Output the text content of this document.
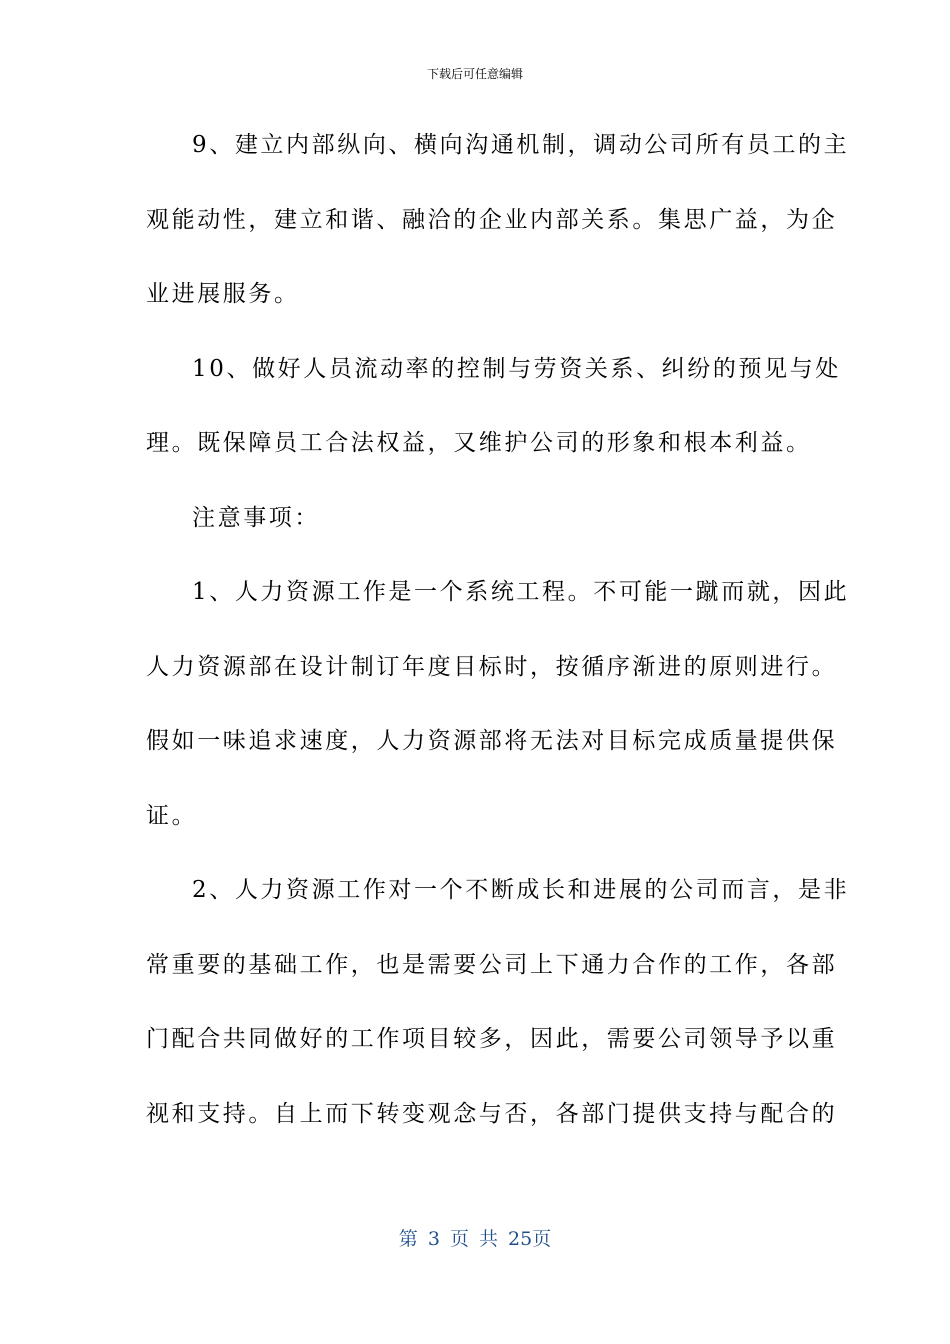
下载后可任意编辑
9、建立内部纵向、横向沟通机制，调动公司所有员工的主
观能动性，建立和谐、融洽的企业内部关系。集思广益，为企
业进展服务。
10、做好人员流动率的控制与劳资关系、纠纷的预见与处
理。既保障员工合法权益，又维护公司的形象和根本利益。
注意事项：
1、人力资源工作是一个系统工程。不可能一蹴而就，因此
人力资源部在设计制订年度目标时，按循序渐进的原则进行。
假如一味追求速度，人力资源部将无法对目标完成质量提供保
证。
2、人力资源工作对一个不断成长和进展的公司而言，是非
常重要的基础工作，也是需要公司上下通力合作的工作，各部
门配合共同做好的工作项目较多，因此，需要公司领导予以重
视和支持。自上而下转变观念与否，各部门提供支持与配合的
第 3 页 共 25页
